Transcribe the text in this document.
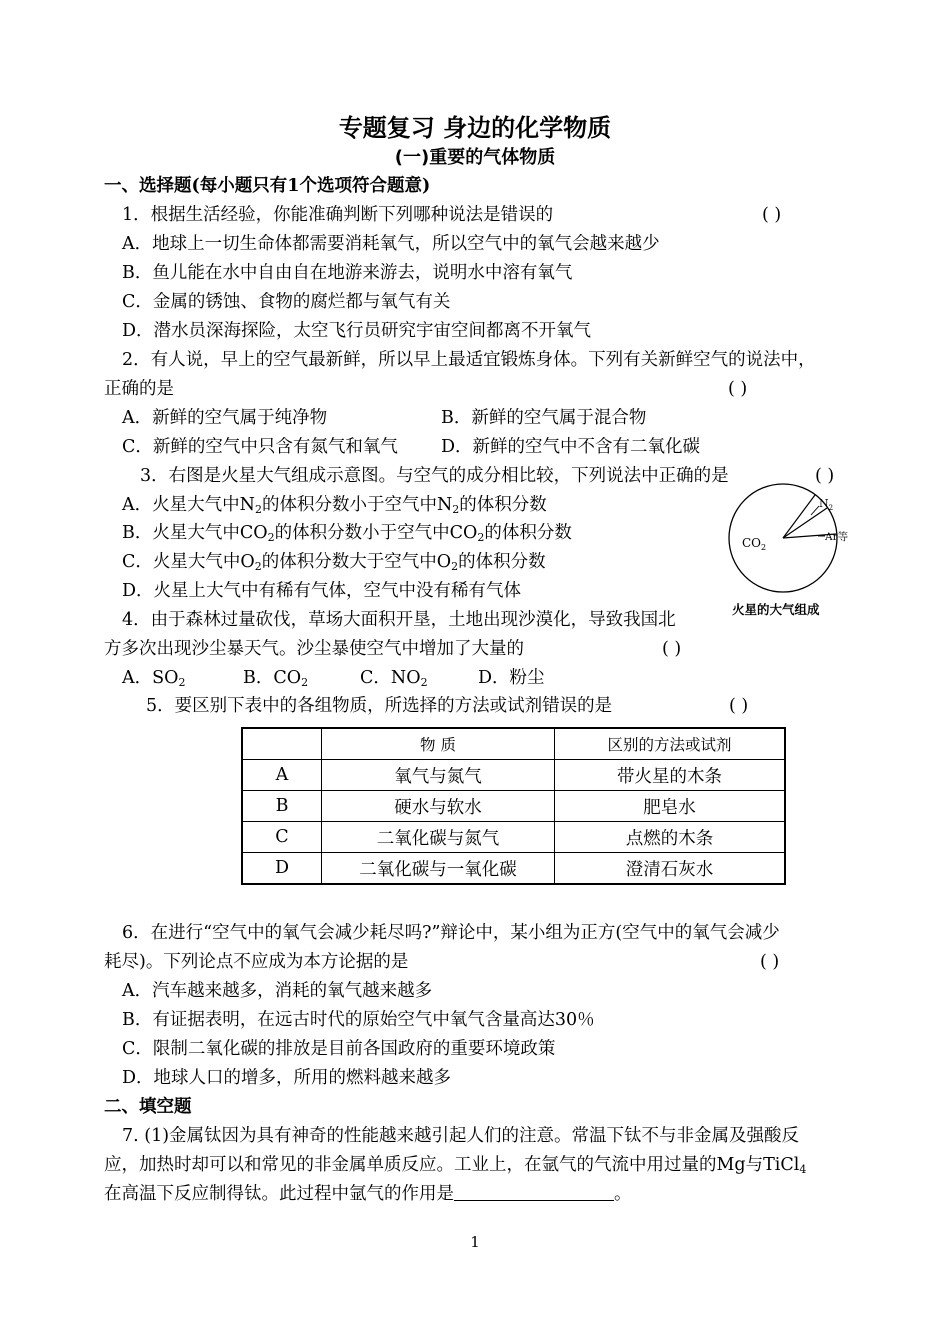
专题复习 身边的化学物质
(一)重要的气体物质
一、选择题(每小题只有1个选项符合题意)
1．根据生活经验，你能准确判断下列哪种说法是错误的	( )
A．地球上一切生命体都需要消耗氧气，所以空气中的氧气会越来越少
B．鱼儿能在水中自由自在地游来游去，说明水中溶有氧气
C．金属的锈蚀、食物的腐烂都与氧气有关
D．潜水员深海探险，太空飞行员研究宇宙空间都离不开氧气
2．有人说，早上的空气最新鲜，所以早上最适宜锻炼身体。下列有关新鲜空气的说法中，
正确的是	( )
A．新鲜的空气属于纯净物	B．新鲜的空气属于混合物
C．新鲜的空气中只含有氮气和氧气 D．新鲜的空气中不含有二氧化碳
3．右图是火星大气组成示意图。与空气的成分相比较，下列说法中正确的是	( )
A．火星大气中$N_2$的体积分数小于空气中$N_2$的体积分数
B．火星大气中$CO_2$的体积分数小于空气中$CO_2$的体积分数
C．火星大气中$O_2$的体积分数大于空气中$O_2$的体积分数
D．火星上大气中有稀有气体，空气中没有稀有气体
$CO_2$
$N_2$
Ar等
火星的大气组成
4．由于森林过量砍伐，草场大面积开垦，土地出现沙漠化，导致我国北
方多次出现沙尘暴天气。沙尘暴使空气中增加了大量的	( )
A．$SO_2$	B．$CO_2$	C．$NO_2$	D．粉尘
5．要区别下表中的各组物质，所选择的方法或试剂错误的是	( )
	物 质	区别的方法或试剂
A	氧气与氮气	带火星的木条
B	硬水与软水	肥皂水
C	二氧化碳与氮气	点燃的木条
D	二氧化碳与一氧化碳	澄清石灰水
6．在进行“空气中的氧气会减少耗尽吗?”辩论中，某小组为正方(空气中的氧气会减少
耗尽)。下列论点不应成为本方论据的是	( )
A．汽车越来越多，消耗的氧气越来越多
B．有证据表明，在远古时代的原始空气中氧气含量高达30％
C．限制二氧化碳的排放是目前各国政府的重要环境政策
D．地球人口的增多，所用的燃料越来越多
二、填空题
7. (1)金属钛因为具有神奇的性能越来越引起人们的注意。常温下钛不与非金属及强酸反
应，加热时却可以和常见的非金属单质反应。工业上，在氩气的气流中用过量的Mg与TiCl$_4$
在高温下反应制得钛。此过程中氩气的作用是	。
1
